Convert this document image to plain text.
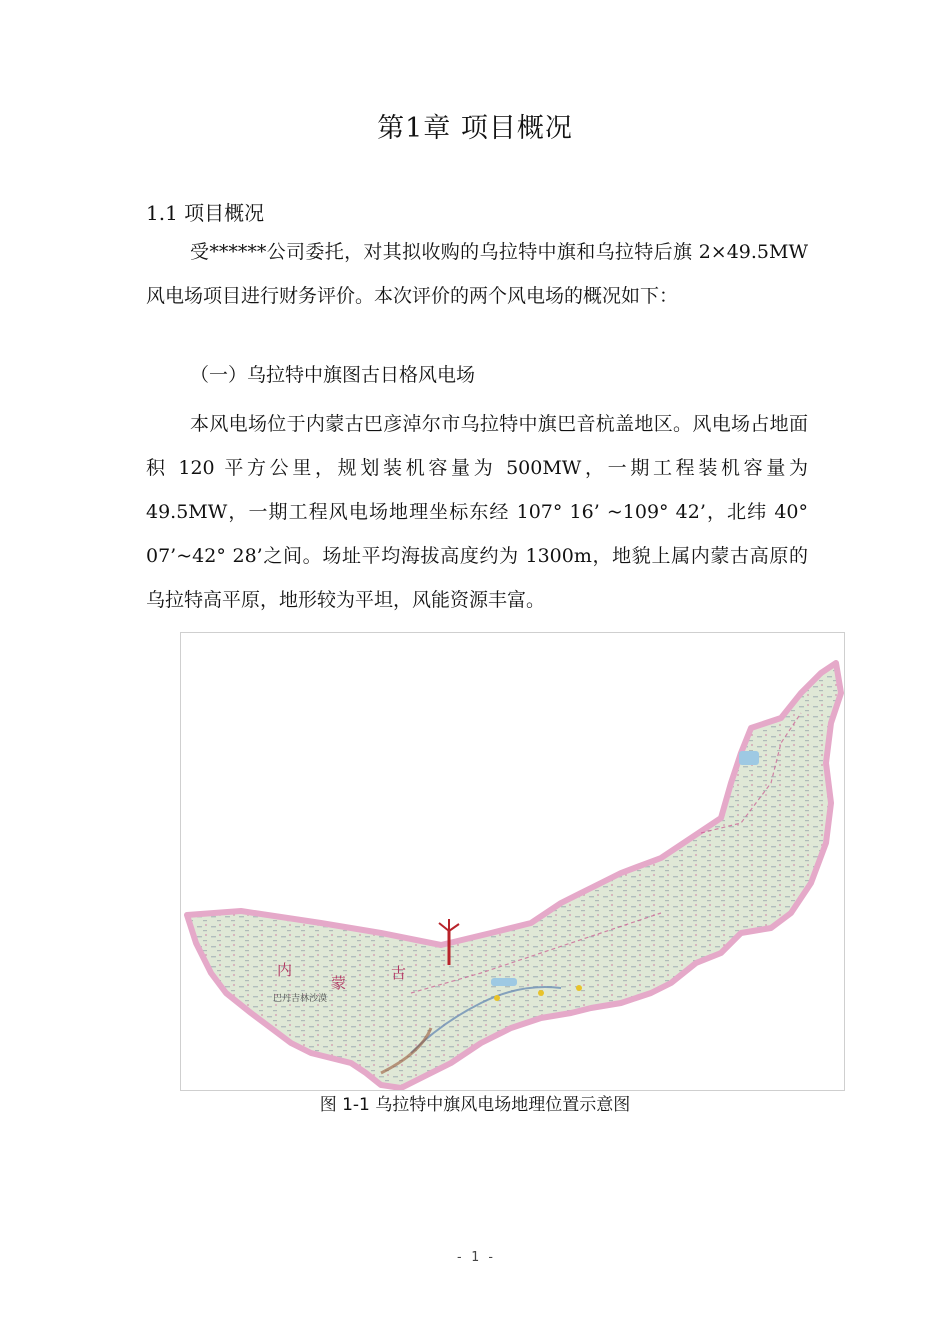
第1章 项目概况
1.1 项目概况

受******公司委托，对其拟收购的乌拉特中旗和乌拉特后旗 2×49.5MW 风电场项目进行财务评价。本次评价的两个风电场的概况如下：

（一）乌拉特中旗图古日格风电场

本风电场位于内蒙古巴彦淖尔市乌拉特中旗巴音杭盖地区。风电场占地面积 120 平方公里，规划装机容量为 500MW，一期工程装机容量为 49.5MW，一期工程风电场地理坐标东经 107° 16’ ~109° 42’，北纬 40° 07’~42° 28’之间。场址平均海拔高度约为 1300m，地貌上属内蒙古高原的乌拉特高平原，地形较为平坦，风能资源丰富。

内
蒙
古
巴丹吉林沙漠
图 1-1 乌拉特中旗风电场地理位置示意图
- 1 -
